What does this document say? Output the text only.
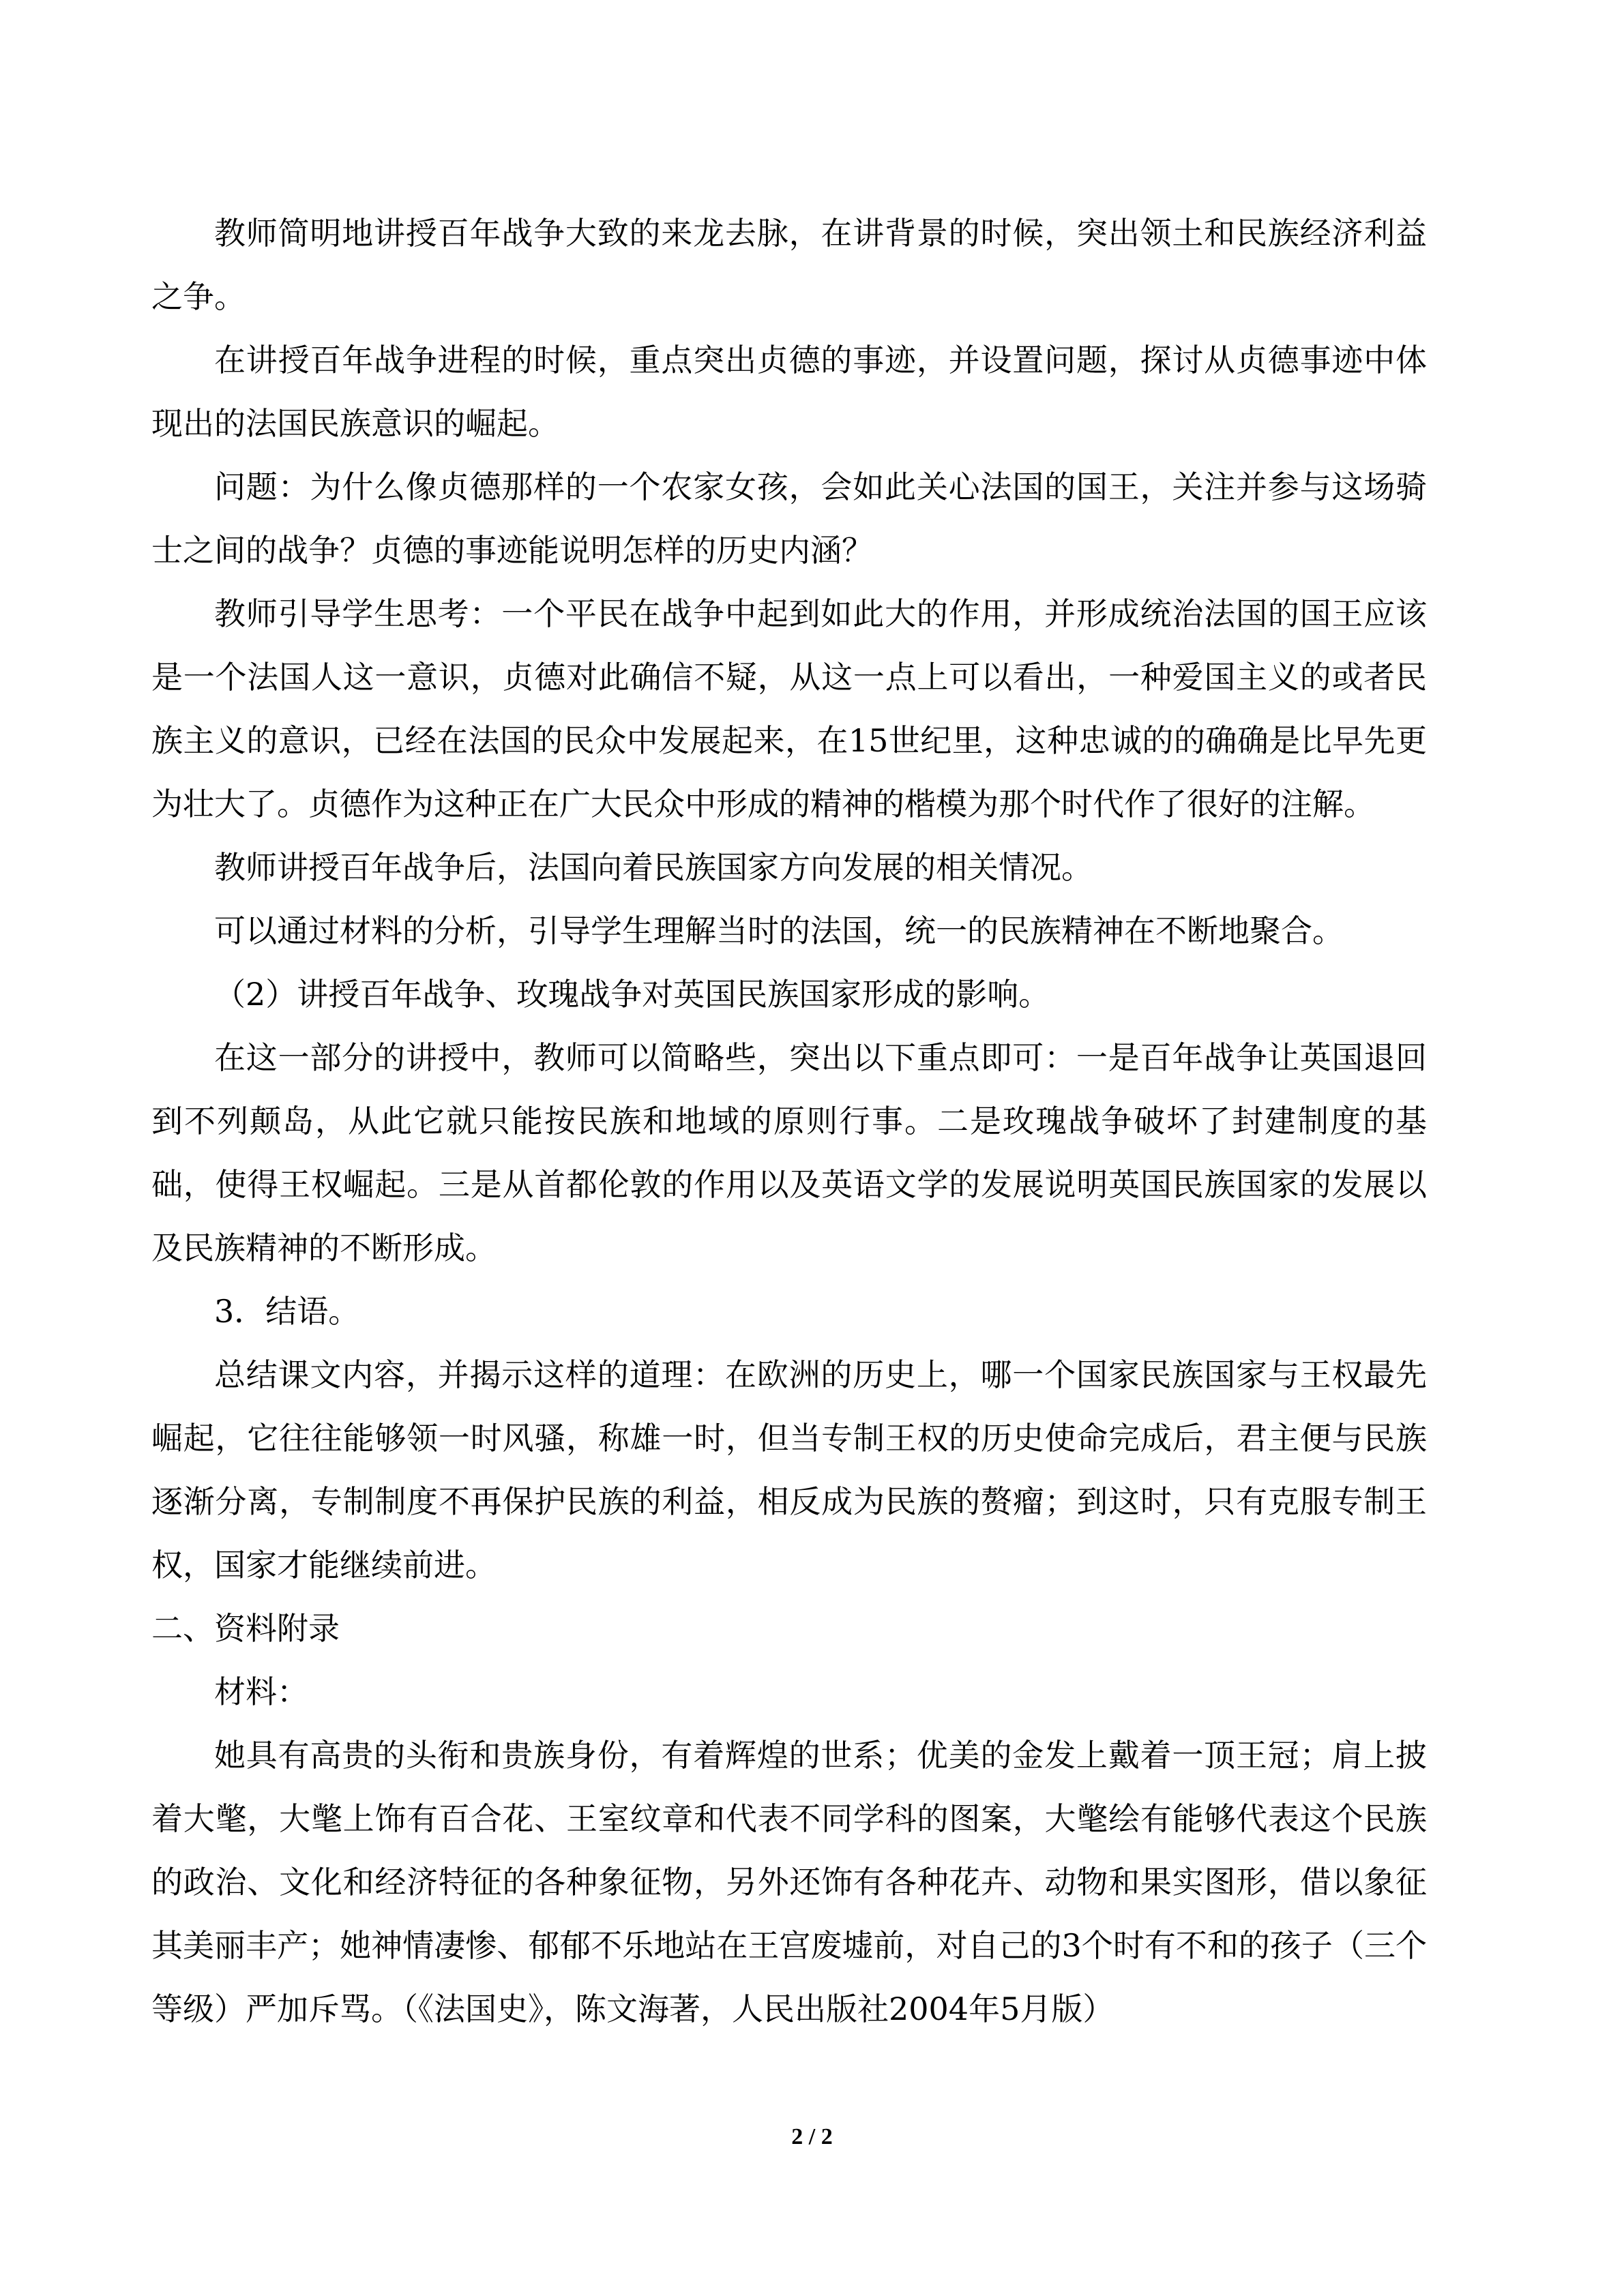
教师简明地讲授百年战争大致的来龙去脉，在讲背景的时候，突出领土和民族经济利益之争。

在讲授百年战争进程的时候，重点突出贞德的事迹，并设置问题，探讨从贞德事迹中体现出的法国民族意识的崛起。

问题：为什么像贞德那样的一个农家女孩，会如此关心法国的国王，关注并参与这场骑士之间的战争？贞德的事迹能说明怎样的历史内涵？

教师引导学生思考：一个平民在战争中起到如此大的作用，并形成统治法国的国王应该是一个法国人这一意识，贞德对此确信不疑，从这一点上可以看出，一种爱国主义的或者民族主义的意识，已经在法国的民众中发展起来，在15世纪里，这种忠诚的的确确是比早先更为壮大了。贞德作为这种正在广大民众中形成的精神的楷模为那个时代作了很好的注解。

教师讲授百年战争后，法国向着民族国家方向发展的相关情况。

可以通过材料的分析，引导学生理解当时的法国，统一的民族精神在不断地聚合。

（2）讲授百年战争、玫瑰战争对英国民族国家形成的影响。

在这一部分的讲授中，教师可以简略些，突出以下重点即可：一是百年战争让英国退回到不列颠岛，从此它就只能按民族和地域的原则行事。二是玫瑰战争破坏了封建制度的基础，使得王权崛起。三是从首都伦敦的作用以及英语文学的发展说明英国民族国家的发展以及民族精神的不断形成。

3．结语。

总结课文内容，并揭示这样的道理：在欧洲的历史上，哪一个国家民族国家与王权最先崛起，它往往能够领一时风骚，称雄一时，但当专制王权的历史使命完成后，君主便与民族逐渐分离，专制制度不再保护民族的利益，相反成为民族的赘瘤；到这时，只有克服专制王权，国家才能继续前进。

二、资料附录

材料：

她具有高贵的头衔和贵族身份，有着辉煌的世系；优美的金发上戴着一顶王冠；肩上披着大氅，大氅上饰有百合花、王室纹章和代表不同学科的图案，大氅绘有能够代表这个民族的政治、文化和经济特征的各种象征物，另外还饰有各种花卉、动物和果实图形，借以象征其美丽丰产；她神情凄惨、郁郁不乐地站在王宫废墟前，对自己的3个时有不和的孩子（三个等级）严加斥骂。（《法国史》，陈文海著，人民出版社2004年5月版）

2 / 2
